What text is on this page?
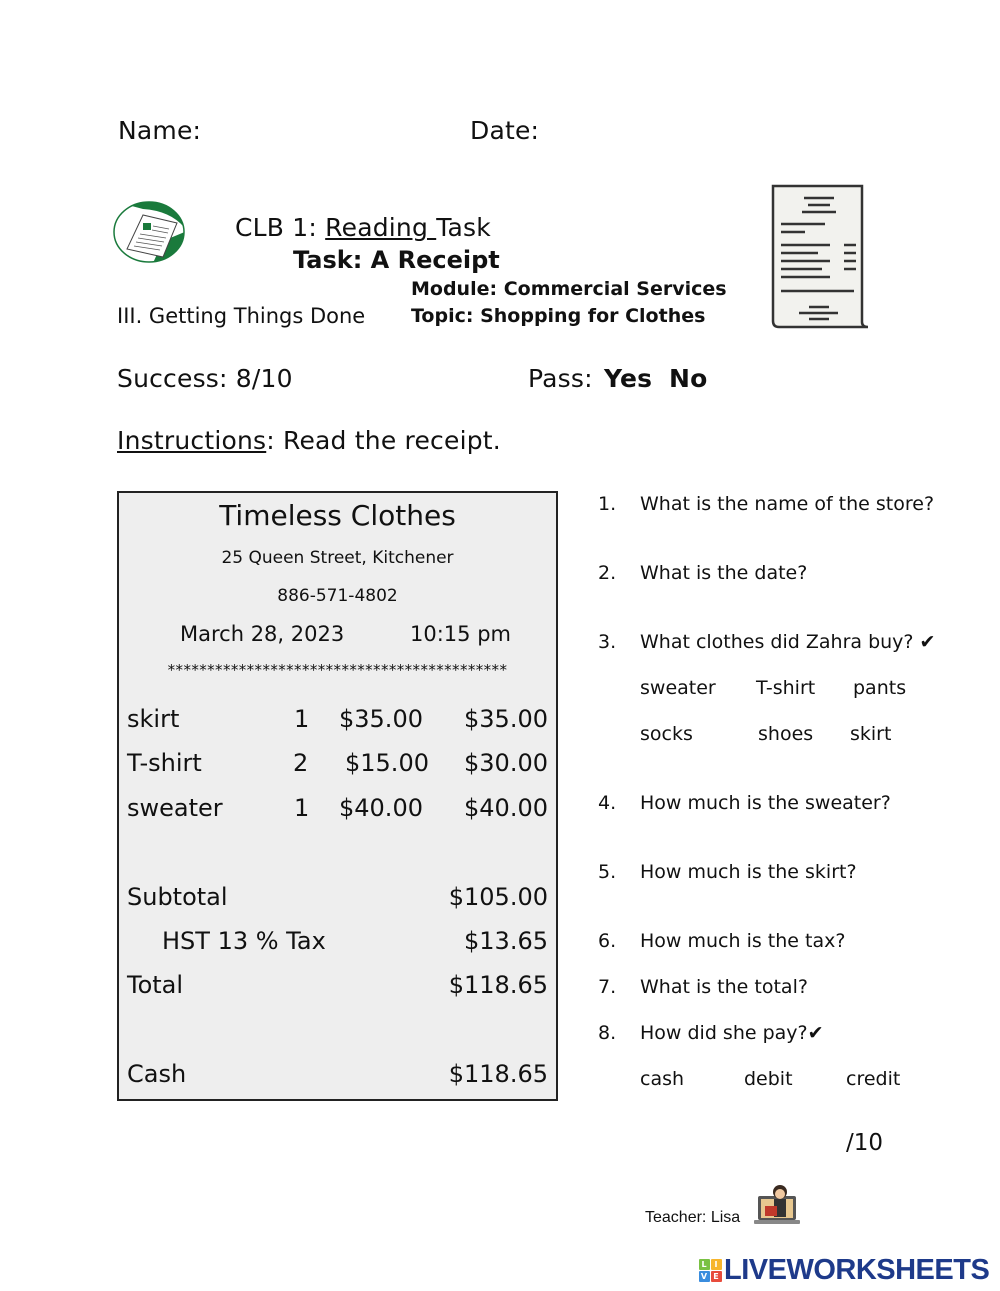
Name:	Date:
CLB 1: Reading Task
Task: A Receipt
Module: Commercial Services
Topic: Shopping for Clothes
III. Getting Things Done
Success: 8/10	Pass: Yes No
Instructions: Read the receipt.
Timeless Clothes
25 Queen Street, Kitchener
886-571-4802
March 28, 2023	10:15 pm
*******************************************
skirt	1 $35.00 $35.00
T-shirt	2 $15.00 $30.00
sweater	1 $40.00 $40.00
Subtotal	$105.00
HST 13 % Tax	$13.65
Total	$118.65
Cash	$118.65
1. What is the name of the store?
2. What is the date?
3. What clothes did Zahra buy? ✔
sweater T-shirt pants
socks	shoes skirt
4. How much is the sweater?
5. How much is the skirt?
6. How much is the tax?
7. What is the total?
8. How did she pay?✔
cash	debit	credit
/10
Teacher: Lisa
L I
V E LIVEWORKSHEETS
